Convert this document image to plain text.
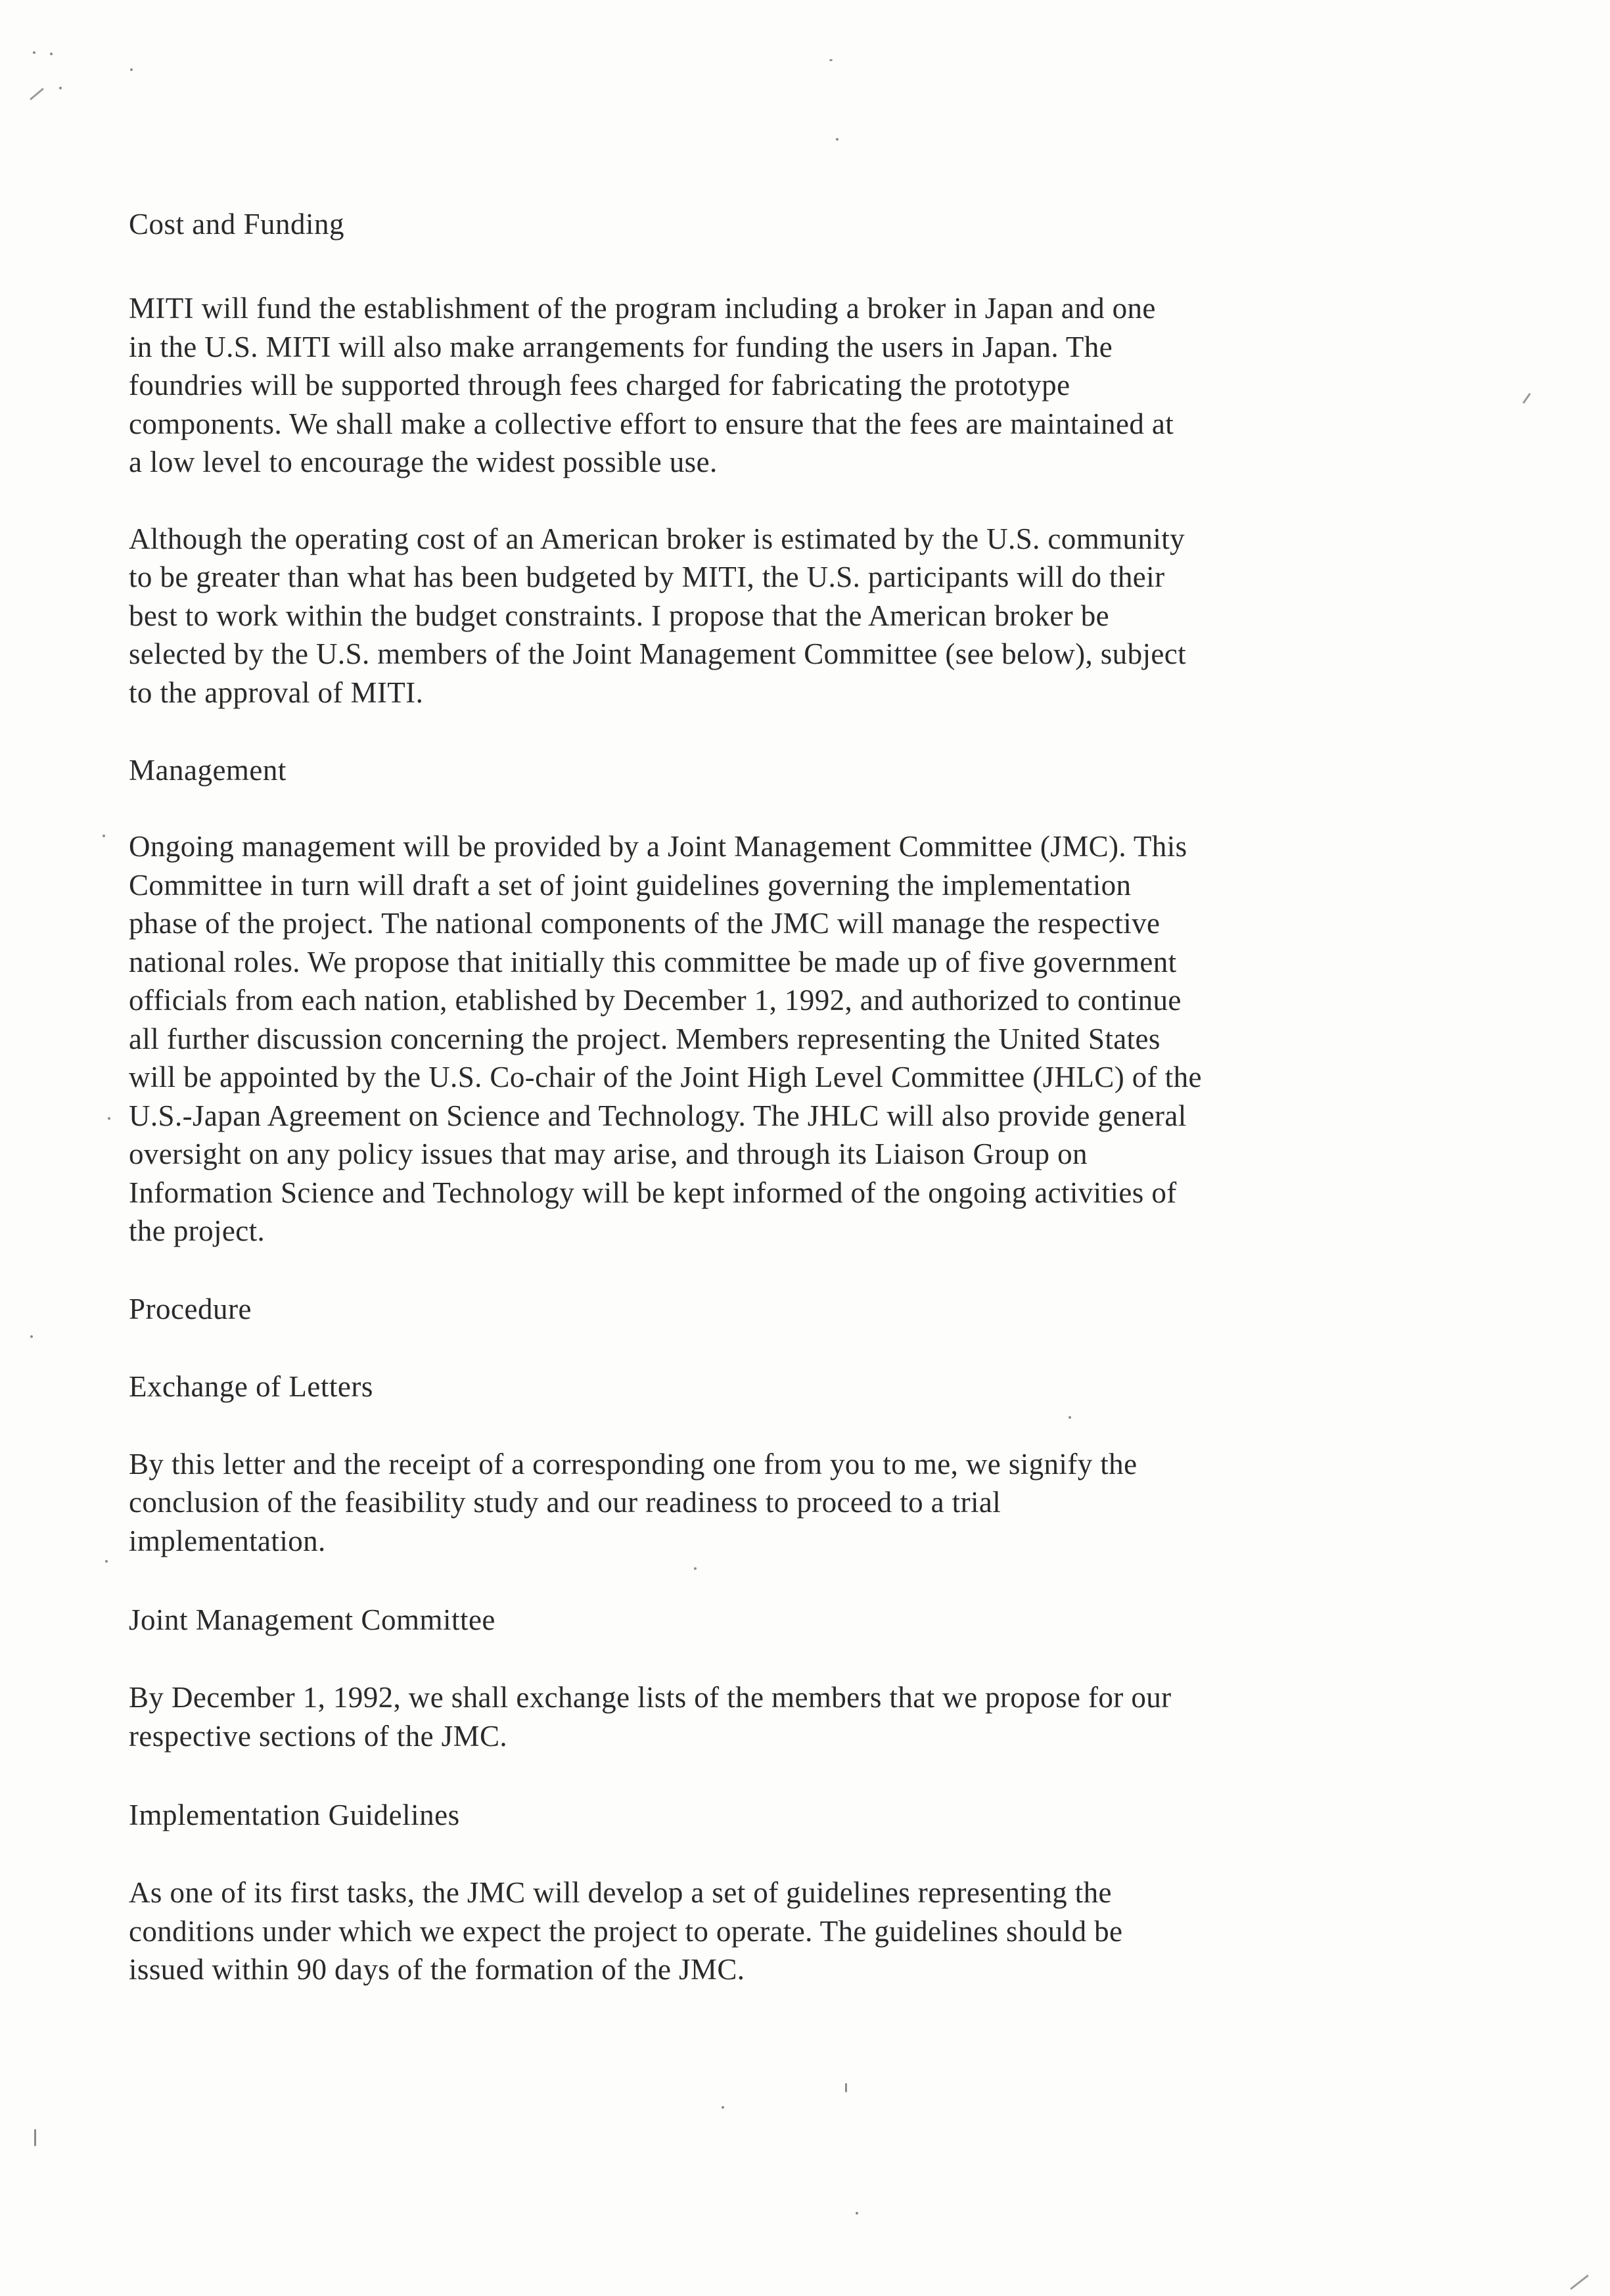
Cost and Funding

MITI will fund the establishment of the program including a broker in Japan and one
in the U.S. MITI will also make arrangements for funding the users in Japan. The
foundries will be supported through fees charged for fabricating the prototype
components. We shall make a collective effort to ensure that the fees are maintained at
a low level to encourage the widest possible use.

Although the operating cost of an American broker is estimated by the U.S. community
to be greater than what has been budgeted by MITI, the U.S. participants will do their
best to work within the budget constraints. I propose that the American broker be
selected by the U.S. members of the Joint Management Committee (see below), subject
to the approval of MITI.

Management

Ongoing management will be provided by a Joint Management Committee (JMC). This
Committee in turn will draft a set of joint guidelines governing the implementation
phase of the project. The national components of the JMC will manage the respective
national roles. We propose that initially this committee be made up of five government
officials from each nation, etablished by December 1, 1992, and authorized to continue
all further discussion concerning the project. Members representing the United States
will be appointed by the U.S. Co-chair of the Joint High Level Committee (JHLC) of the
U.S.-Japan Agreement on Science and Technology. The JHLC will also provide general
oversight on any policy issues that may arise, and through its Liaison Group on
Information Science and Technology will be kept informed of the ongoing activities of
the project.

Procedure
Exchange of Letters

By this letter and the receipt of a corresponding one from you to me, we signify the
conclusion of the feasibility study and our readiness to proceed to a trial
implementation.

Joint Management Committee

By December 1, 1992, we shall exchange lists of the members that we propose for our
respective sections of the JMC.

Implementation Guidelines

As one of its first tasks, the JMC will develop a set of guidelines representing the
conditions under which we expect the project to operate. The guidelines should be
issued within 90 days of the formation of the JMC.
